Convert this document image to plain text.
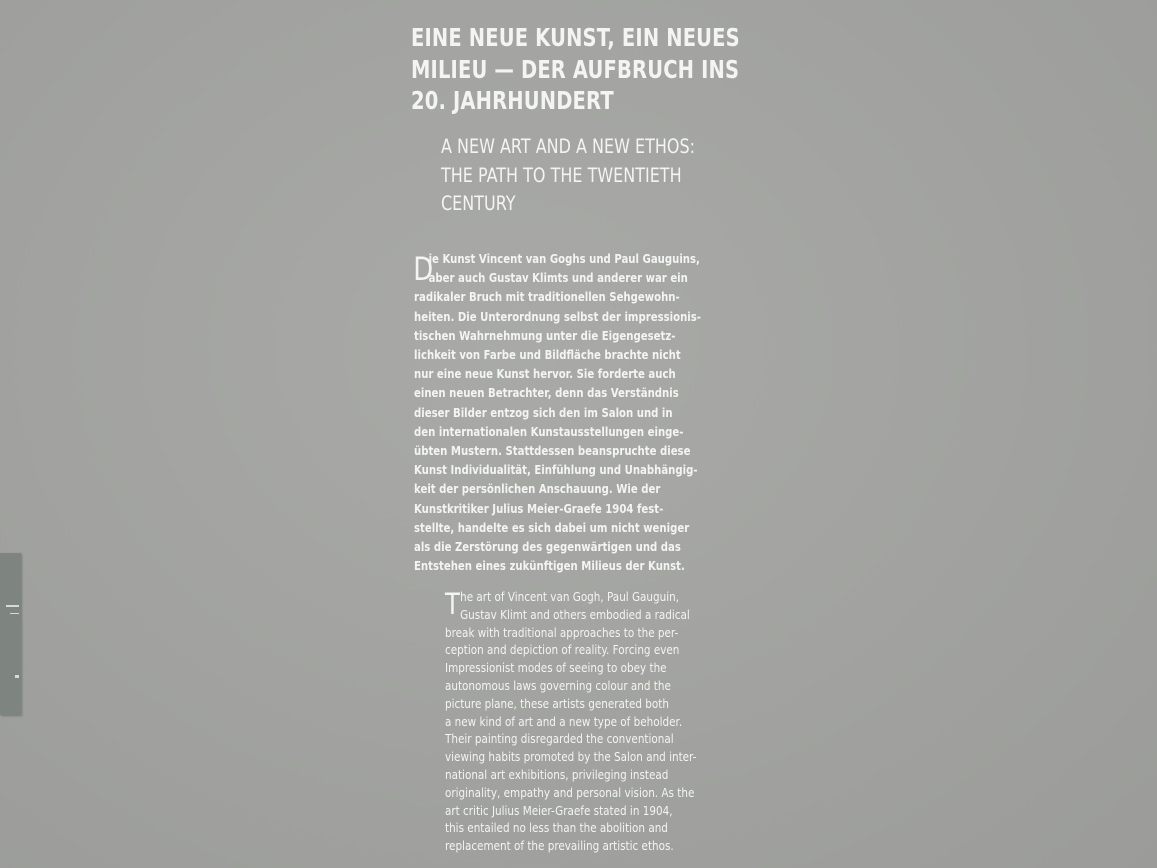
EINE NEUE KUNST, EIN NEUES
MILIEU — DER AUFBRUCH INS
20. JAHRHUNDERT
A NEW ART AND A NEW ETHOS:
THE PATH TO THE TWENTIETH
CENTURY
D
ie Kunst Vincent van Goghs und Paul Gauguins,
aber auch Gustav Klimts und anderer war ein
radikaler Bruch mit traditionellen Sehgewohn-
heiten. Die Unterordnung selbst der impressionis-
tischen Wahrnehmung unter die Eigengesetz-
lichkeit von Farbe und Bildfläche brachte nicht
nur eine neue Kunst hervor. Sie forderte auch
einen neuen Betrachter, denn das Verständnis
dieser Bilder entzog sich den im Salon und in
den internationalen Kunstausstellungen einge-
übten Mustern. Stattdessen beanspruchte diese
Kunst Individualität, Einfühlung und Unabhängig-
keit der persönlichen Anschauung. Wie der
Kunstkritiker Julius Meier-Graefe 1904 fest-
stellte, handelte es sich dabei um nicht weniger
als die Zerstörung des gegenwärtigen und das
Entstehen eines zukünftigen Milieus der Kunst.
T he art of Vincent van Gogh, Paul Gauguin,
Gustav Klimt and others embodied a radical
break with traditional approaches to the per-
ception and depiction of reality. Forcing even
Impressionist modes of seeing to obey the
autonomous laws governing colour and the
picture plane, these artists generated both
a new kind of art and a new type of beholder.
Their painting disregarded the conventional
viewing habits promoted by the Salon and inter-
national art exhibitions, privileging instead
originality, empathy and personal vision. As the
art critic Julius Meier-Graefe stated in 1904,
this entailed no less than the abolition and
replacement of the prevailing artistic ethos.
